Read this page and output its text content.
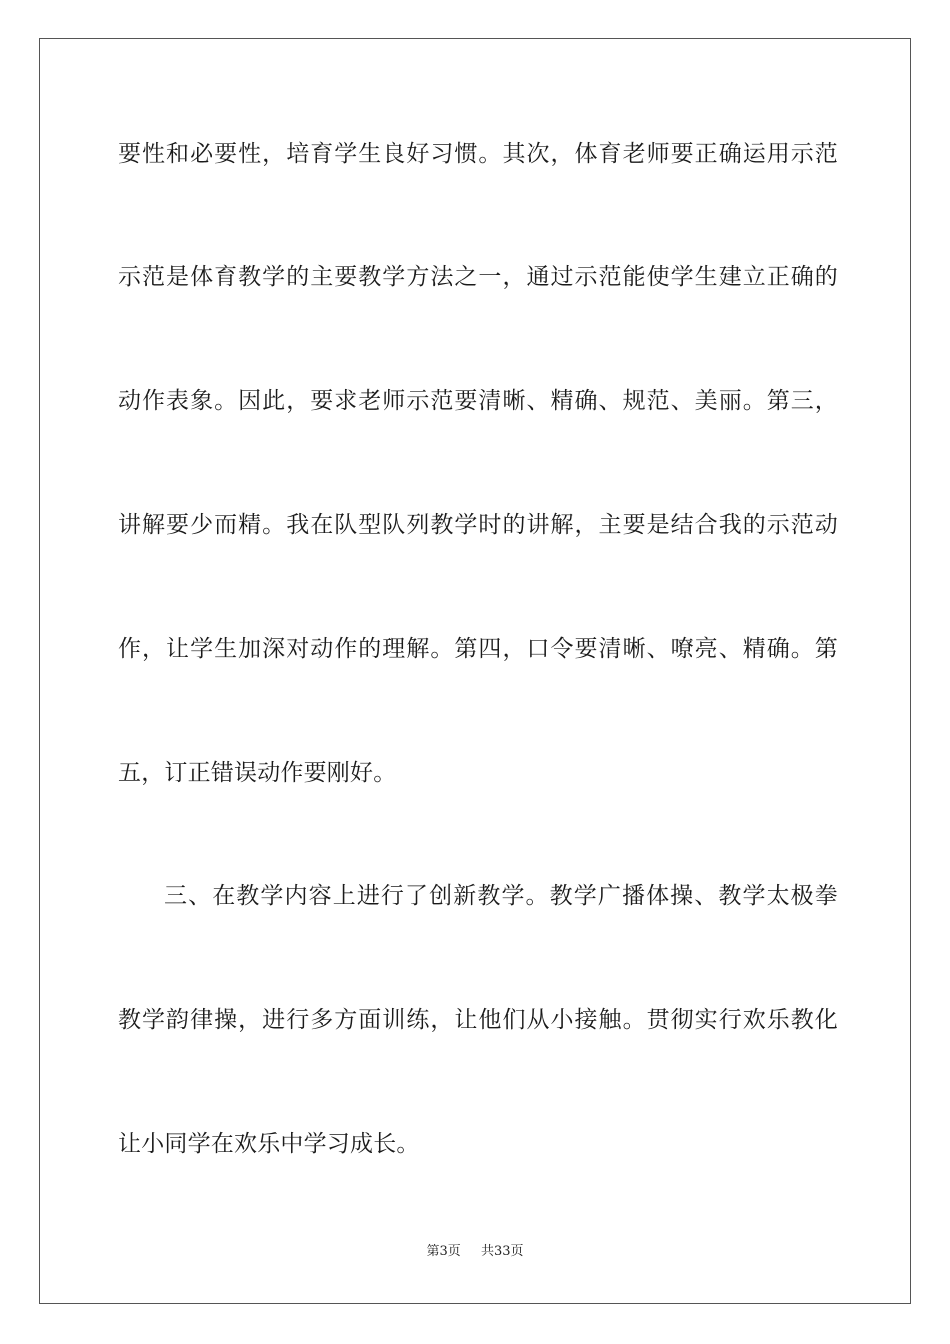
要性和必要性，培育学生良好习惯。其次，体育老师要正确运用示范
示范是体育教学的主要教学方法之一，通过示范能使学生建立正确的
动作表象。因此，要求老师示范要清晰、精确、规范、美丽。第三，
讲解要少而精。我在队型队列教学时的讲解，主要是结合我的示范动
作，让学生加深对动作的理解。第四，口令要清晰、嘹亮、精确。第
五，订正错误动作要刚好。
三、在教学内容上进行了创新教学。教学广播体操、教学太极拳
教学韵律操，进行多方面训练，让他们从小接触。贯彻实行欢乐教化
让小同学在欢乐中学习成长。
第3页 共33页
